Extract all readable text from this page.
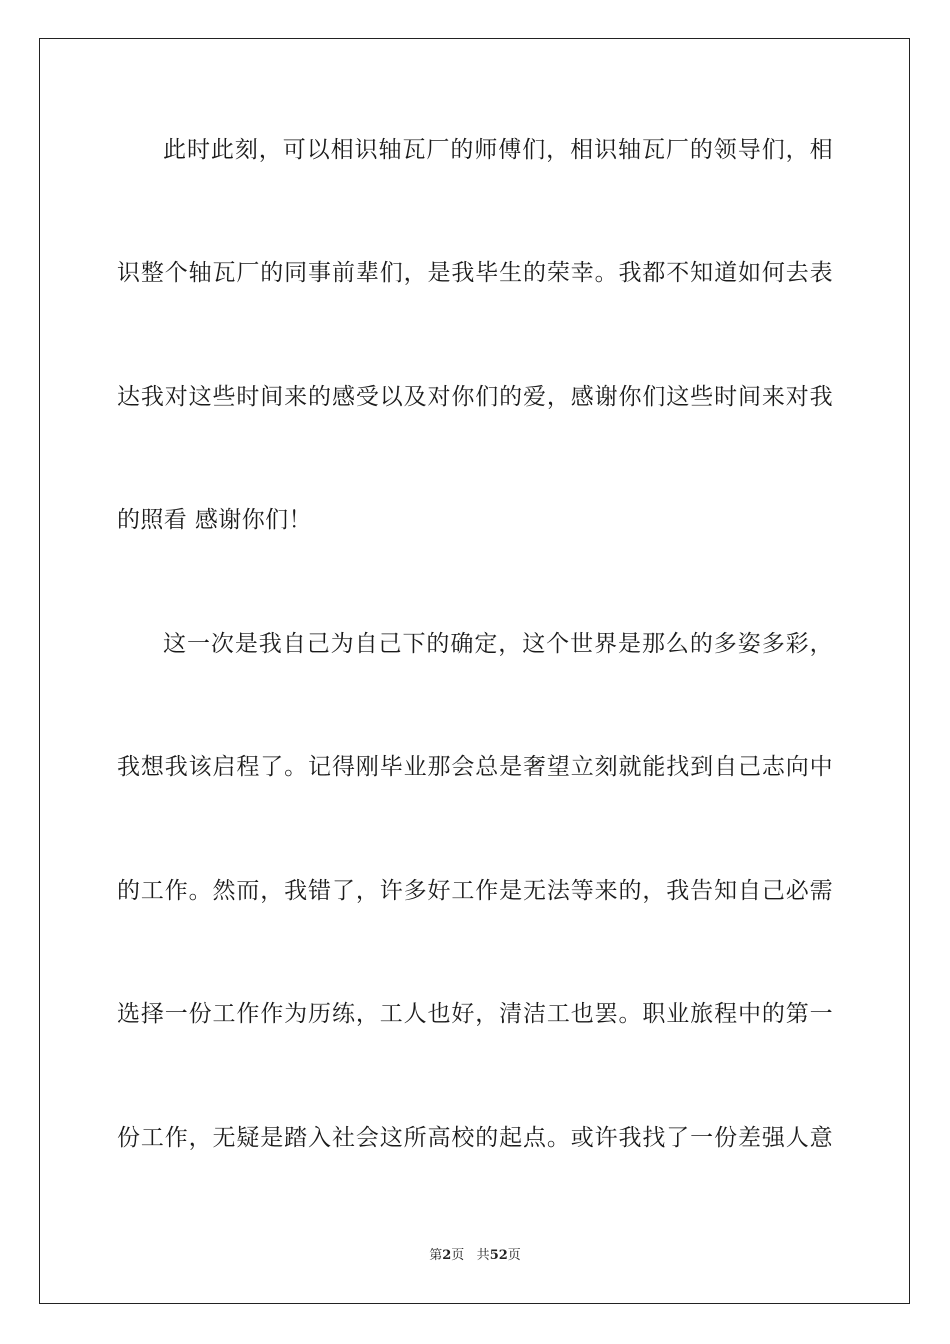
此时此刻，可以相识轴瓦厂的师傅们，相识轴瓦厂的领导们，相
识整个轴瓦厂的同事前辈们，是我毕生的荣幸。我都不知道如何去表
达我对这些时间来的感受以及对你们的爱，感谢你们这些时间来对我
的照看 感谢你们！
这一次是我自己为自己下的确定，这个世界是那么的多姿多彩，
我想我该启程了。记得刚毕业那会总是奢望立刻就能找到自己志向中
的工作。然而，我错了，许多好工作是无法等来的，我告知自己必需
选择一份工作作为历练，工人也好，清洁工也罢。职业旅程中的第一
份工作，无疑是踏入社会这所高校的起点。或许我找了一份差强人意
第2页 共52页
